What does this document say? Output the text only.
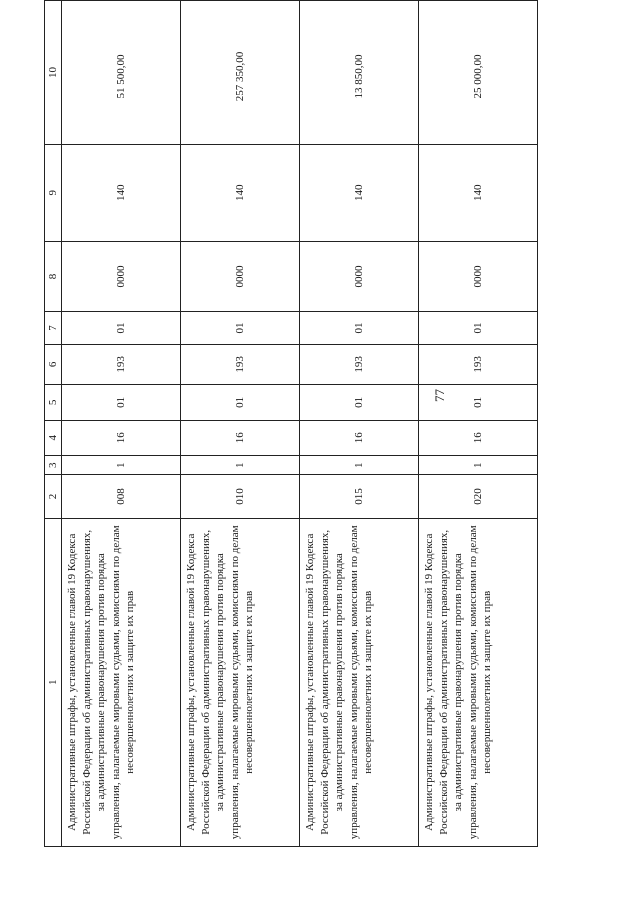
77
1	2	3	4	5	6	7	8	9	10
Административные штрафы, установленные главой 19 Кодекса Российской Федерации об административных правонарушениях, за административные правонарушения против порядка управления, налагаемые мировыми судьями, комиссиями по делам несовершеннолетних и защите их прав	008	1	16	01	193	01	0000	140	51 500,00
Административные штрафы, установленные главой 19 Кодекса Российской Федерации об административных правонарушениях, за административные правонарушения против порядка управления, налагаемые мировыми судьями, комиссиями по делам несовершеннолетних и защите их прав	010	1	16	01	193	01	0000	140	257 350,00
Административные штрафы, установленные главой 19 Кодекса Российской Федерации об административных правонарушениях, за административные правонарушения против порядка управления, налагаемые мировыми судьями, комиссиями по делам несовершеннолетних и защите их прав	015	1	16	01	193	01	0000	140	13 850,00
Административные штрафы, установленные главой 19 Кодекса Российской Федерации об административных правонарушениях, за административные правонарушения против порядка управления, налагаемые мировыми судьями, комиссиями по делам несовершеннолетних и защите их прав	020	1	16	01	193	01	0000	140	25 000,00
